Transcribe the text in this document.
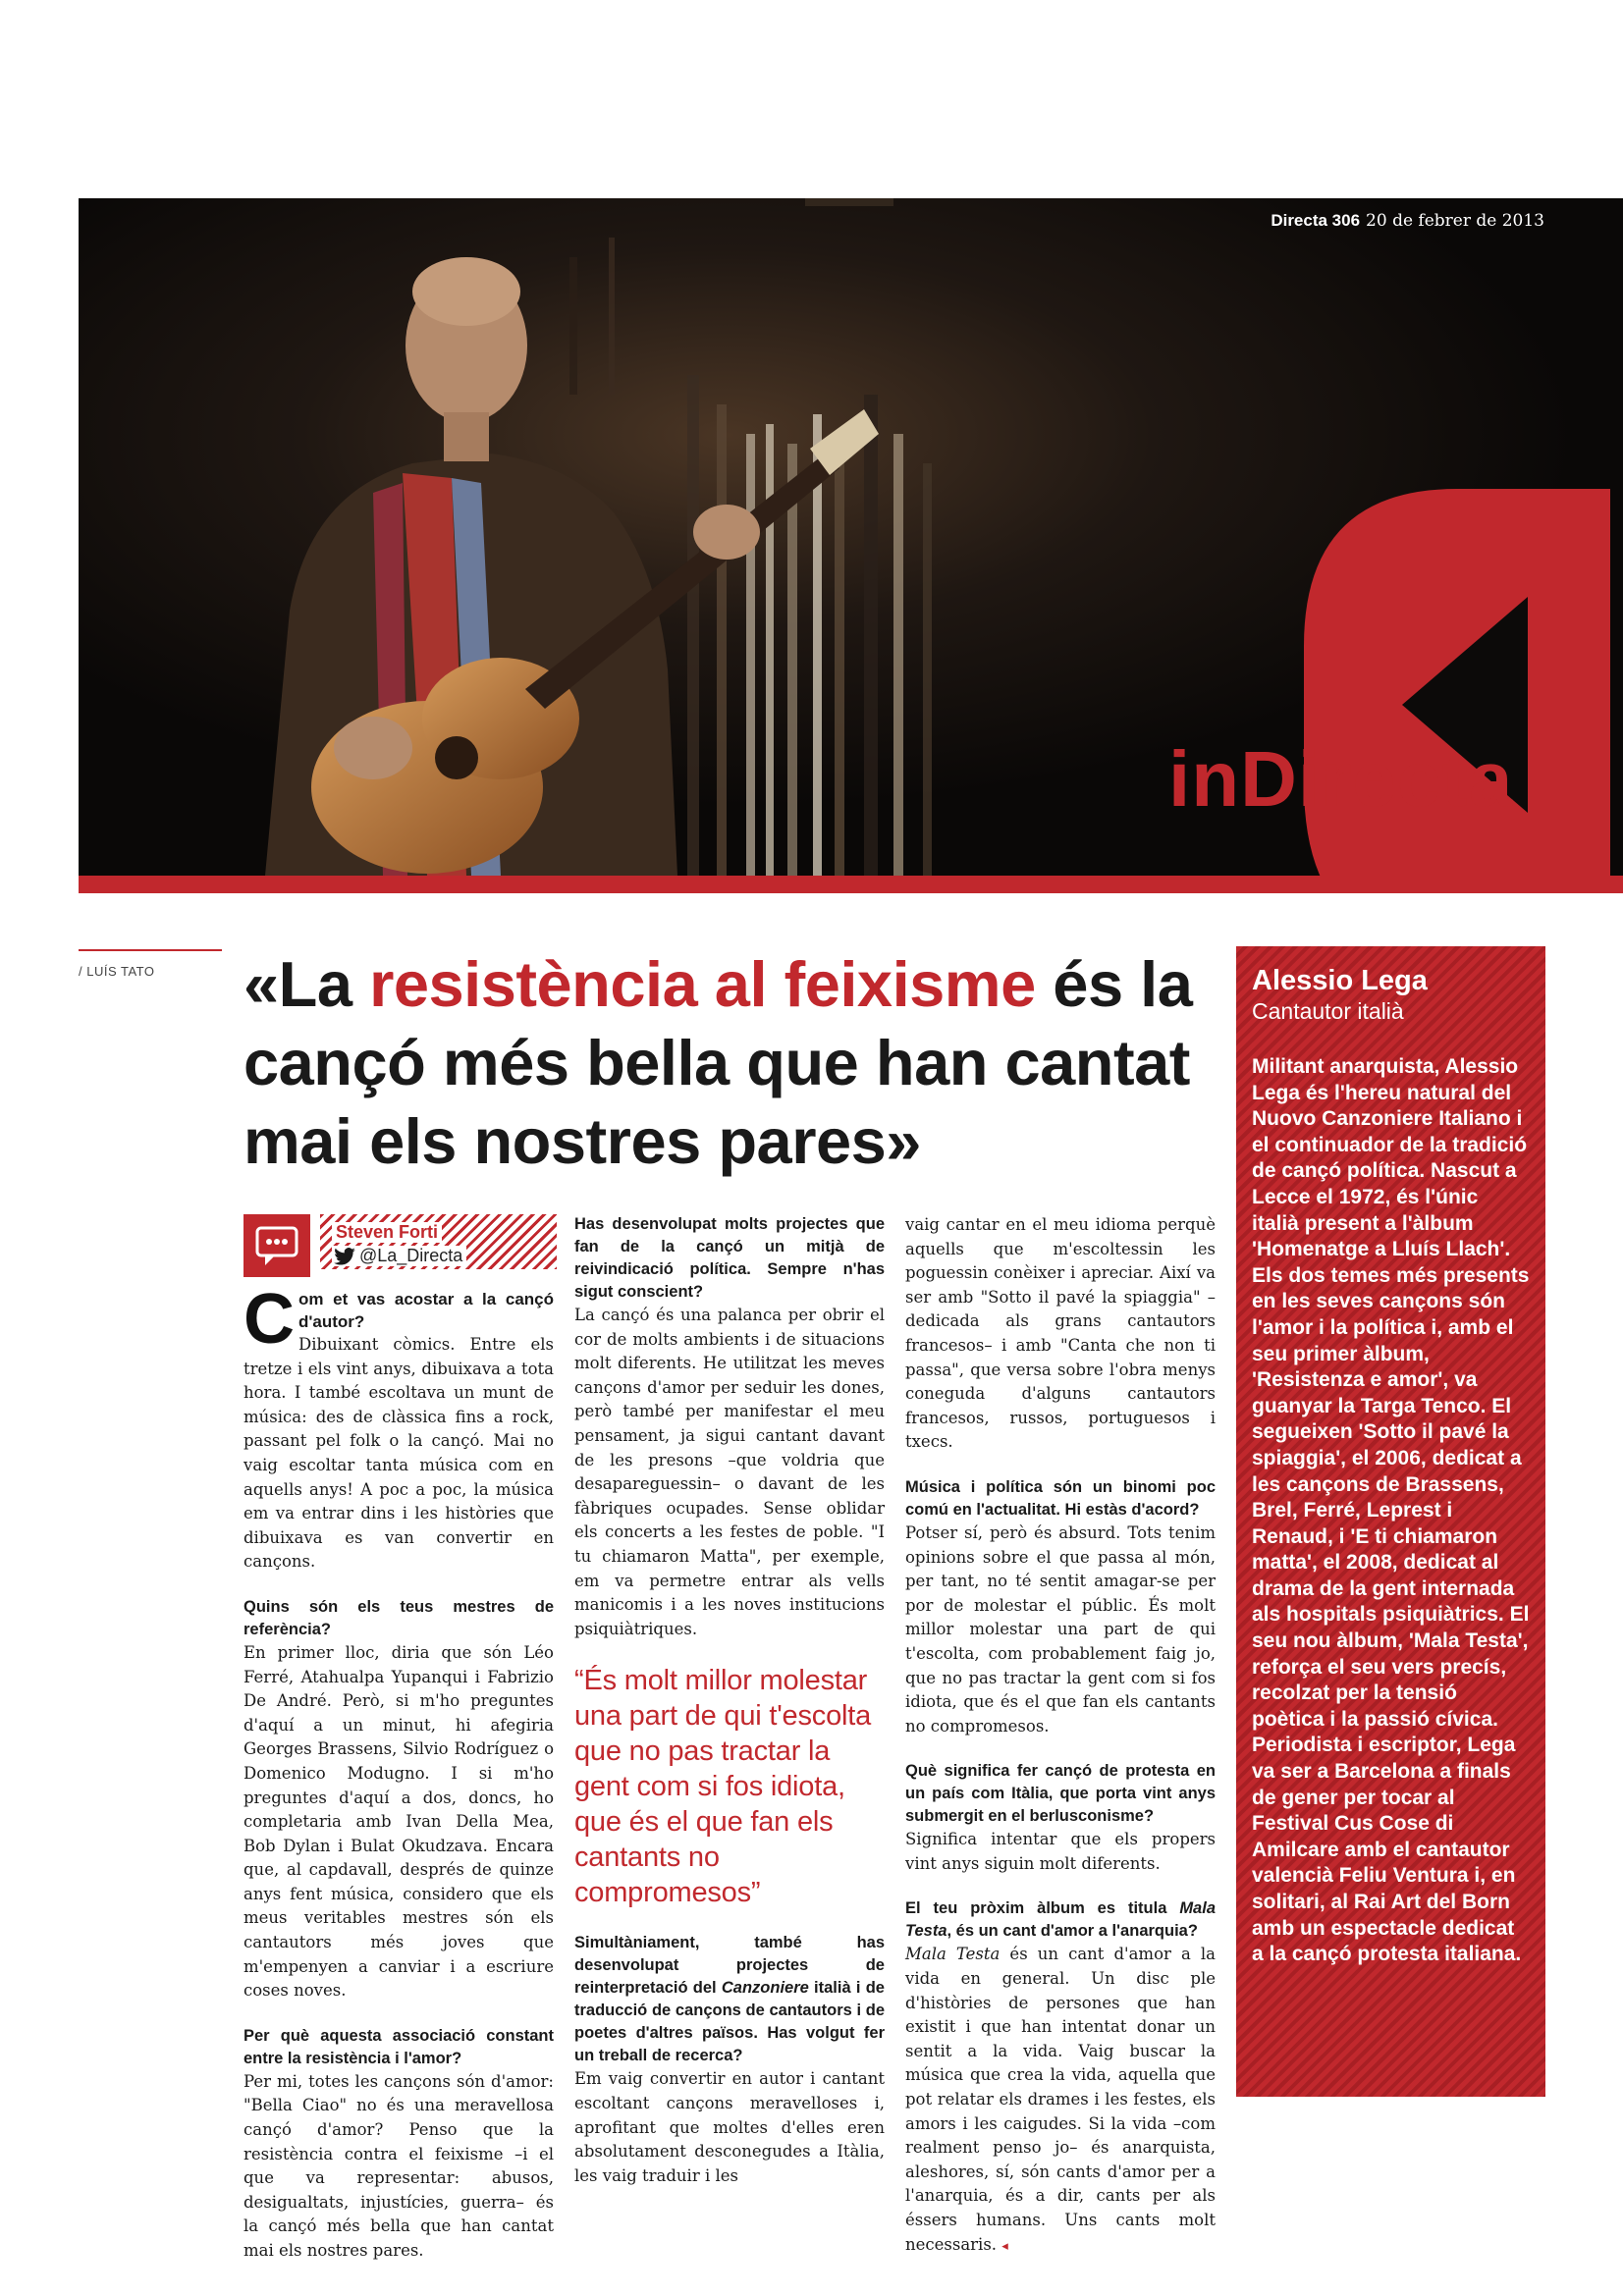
Directa 306 20 de febrer de 2013
inDirecta
/ LUÍS TATO «La resistència al feixisme és la cançó més bella que han cantat mai els nostres pares»
Steven Forti
@La_Directa

Com et vas acostar a la cançó d'autor?

Dibuixant còmics. Entre els tretze i els vint anys, dibuixava a tota hora. I també escoltava un munt de música: des de clàssica fins a rock, passant pel folk o la cançó. Mai no vaig escoltar tanta música com en aquells anys! A poc a poc, la música em va entrar dins i les històries que dibuixava es van convertir en cançons.

Quins són els teus mestres de referència?

En primer lloc, diria que són Léo Ferré, Atahualpa Yupanqui i Fabrizio De André. Però, si m'ho preguntes d'aquí a un minut, hi afegiria Georges Brassens, Silvio Rodríguez o Domenico Modugno. I si m'ho preguntes d'aquí a dos, doncs, ho completaria amb Ivan Della Mea, Bob Dylan i Bulat Okudzava. Encara que, al capdavall, després de quinze anys fent música, considero que els meus veritables mestres són els cantautors més joves que m'empenyen a canviar i a escriure coses noves.

Per què aquesta associació constant entre la resistència i l'amor?

Per mi, totes les cançons són d'amor: "Bella Ciao" no és una meravellosa cançó d'amor? Penso que la resistència contra el feixisme –i el que va representar: abusos, desigualtats, injustícies, guerra– és la cançó més bella que han cantat mai els nostres pares.

Has desenvolupat molts projectes que fan de la cançó un mitjà de reivindicació política. Sempre n'has sigut conscient?

La cançó és una palanca per obrir el cor de molts ambients i de situacions molt diferents. He utilitzat les meves cançons d'amor per seduir les dones, però també per manifestar el meu pensament, ja sigui cantant davant de les presons –que voldria que desapareguessin– o davant de les fàbriques ocupades. Sense oblidar els concerts a les festes de poble. "I tu chiamaron Matta", per exemple, em va permetre entrar als vells manicomis i a les noves institucions psiquiàtriques.

“És molt millor molestar una part de qui t'escolta que no pas tractar la gent com si fos idiota, que és el que fan els cantants no compromesos”

Simultàniament, també has desenvolupat projectes de reinterpretació del Canzoniere italià i de traducció de cançons de cantautors i de poetes d'altres països. Has volgut fer un treball de recerca?

Em vaig convertir en autor i cantant escoltant cançons meravelloses i, aprofitant que moltes d'elles eren absolutament desconegudes a Itàlia, les vaig traduir i les

vaig cantar en el meu idioma perquè aquells que m'escoltessin les poguessin conèixer i apreciar. Així va ser amb "Sotto il pavé la spiaggia" –dedicada als grans cantautors francesos– i amb "Canta che non ti passa", que versa sobre l'obra menys coneguda d'alguns cantautors francesos, russos, portuguesos i txecs.

Música i política són un binomi poc comú en l'actualitat. Hi estàs d'acord?

Potser sí, però és absurd. Tots tenim opinions sobre el que passa al món, per tant, no té sentit amagar-se per por de molestar el públic. És molt millor molestar una part de qui t'escolta, com probablement faig jo, que no pas tractar la gent com si fos idiota, que és el que fan els cantants no compromesos.

Què significa fer cançó de protesta en un país com Itàlia, que porta vint anys submergit en el berlusconisme?

Significa intentar que els propers vint anys siguin molt diferents.

El teu pròxim àlbum es titula Mala Testa, és un cant d'amor a l'anarquia?

Mala Testa és un cant d'amor a la vida en general. Un disc ple d'històries de persones que han existit i que han intentat donar un sentit a la vida. Vaig buscar la música que crea la vida, aquella que pot relatar els drames i les festes, els amors i les caigudes. Si la vida –com realment penso jo– és anarquista, aleshores, sí, són cants d'amor per a l'anarquia, és a dir, cants per als éssers humans. Uns cants molt necessaris. ◂

Alessio Lega
Cantautor italià

Militant anarquista, Alessio Lega és l'hereu natural del Nuovo Canzoniere Italiano i el continuador de la tradició de cançó política. Nascut a Lecce el 1972, és l'únic italià present a l'àlbum 'Homenatge a Lluís Llach'. Els dos temes més presents en les seves cançons són l'amor i la política i, amb el seu primer àlbum, 'Resistenza e amor', va guanyar la Targa Tenco. El segueixen 'Sotto il pavé la spiaggia', el 2006, dedicat a les cançons de Brassens, Brel, Ferré, Leprest i Renaud, i 'E ti chiamaron matta', el 2008, dedicat al drama de la gent internada als hospitals psiquiàtrics. El seu nou àlbum, 'Mala Testa', reforça el seu vers precís, recolzat per la tensió poètica i la passió cívica. Periodista i escriptor, Lega va ser a Barcelona a finals de gener per tocar al Festival Cus Cose di Amilcare amb el cantautor valencià Feliu Ventura i, en solitari, al Rai Art del Born amb un espectacle dedicat a la cançó protesta italiana.
